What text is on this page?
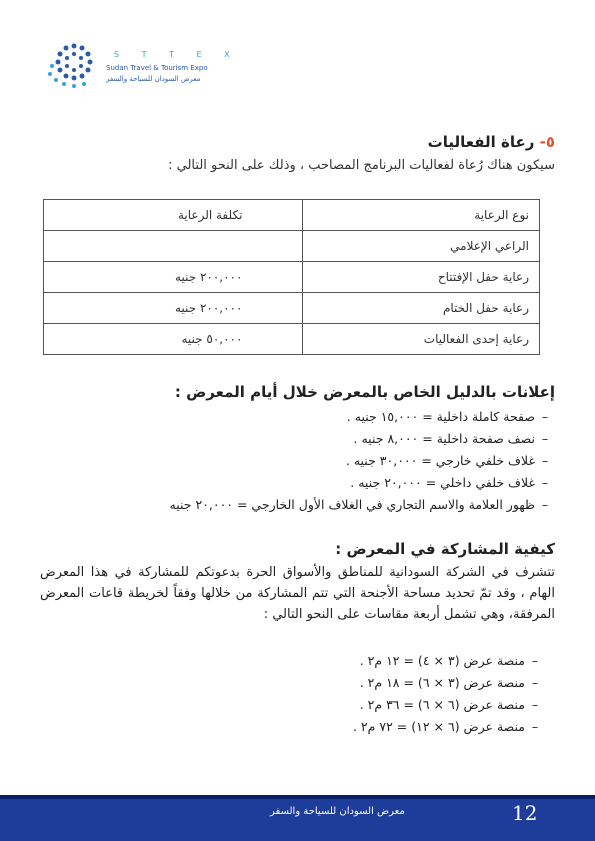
S T T E X
Sudan Travel & Tourism Expo
معرض السودان للسياحة والسفر
٥- رعاة الفعاليات
سيكون هناك رُعاة لفعاليات البرنامج المصاحب ، وذلك على النحو التالي :
نوع الرعاية	تكلفة الرعاية
الراعي الإعلامي	
رعاية حفل الإفتتاح	٢٠٠,٠٠٠ جنيه
رعاية حفل الختام	٢٠٠,٠٠٠ جنيه
رعاية إحدى الفعاليات	٥٠,٠٠٠ جنيه
إعلانات بالدليل الخاص بالمعرض خلال أيام المعرض :
–صفحة كاملة داخلية = ١٥,٠٠٠ جنيه .
–نصف صفحة داخلية = ٨,٠٠٠ جنيه .
–غلاف خلفي خارجي = ٣٠,٠٠٠ جنيه .
–غلاف خلفي داخلي = ٢٠,٠٠٠ جنيه .
–ظهور العلامة والاسم التجاري في الغلاف الأول الخارجي = ٢٠,٠٠٠ جنيه
كيفية المشاركة في المعرض :
تتشرف في الشركة السودانية للمناطق والأسواق الحرة بدعوتكم للمشاركة في هذا المعرض الهام ، وقد تمّ تحديد مساحة الأجنحة التي تتم المشاركة من خلالها وفقاً لخريطة قاعات المعرض المرفقة، وهي تشمل أربعة مقاسات على النحو التالي :
–منصة عرض (٣ × ٤) = ١٢ م٢ .
–منصة عرض (٣ × ٦) = ١٨ م٢ .
–منصة عرض (٦ × ٦) = ٣٦ م٢ .
–منصة عرض (٦ × ١٢) = ٧٢ م٢ .
معرض السودان للسياحة والسفر	12
